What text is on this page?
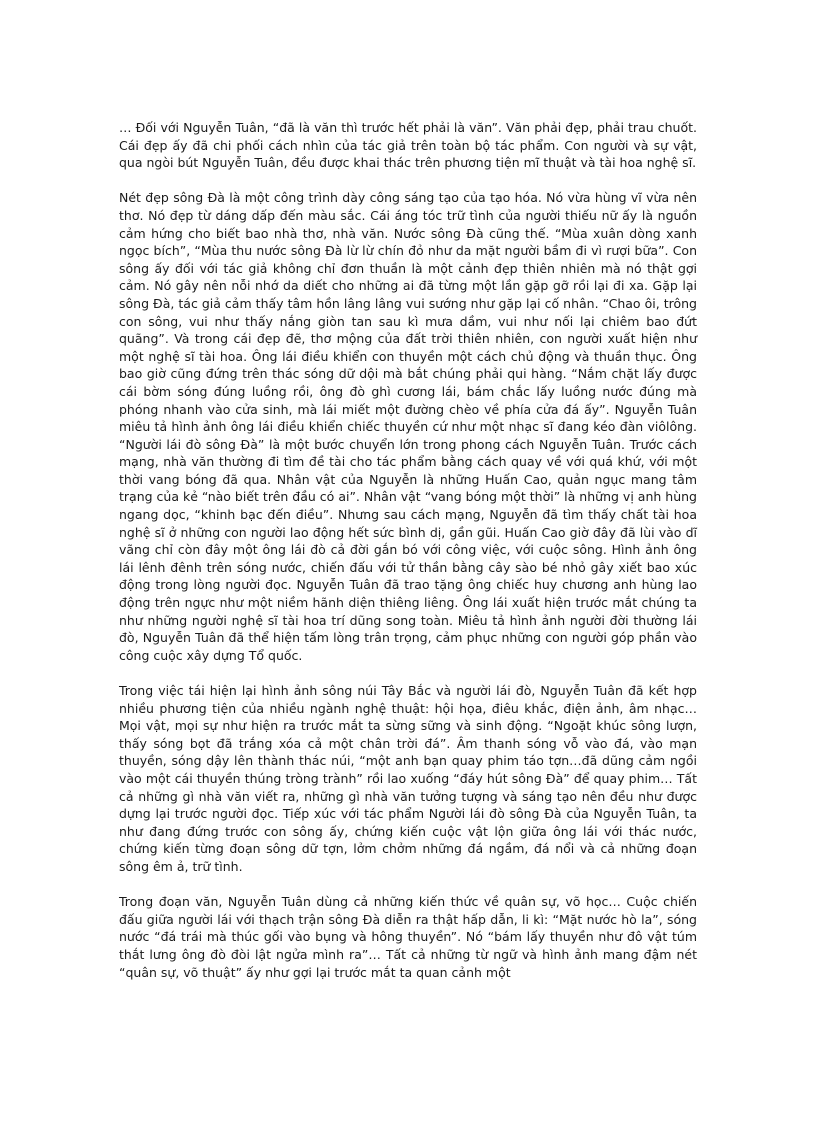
… Đối với Nguyễn Tuân, “đã là văn thì trước hết phải là văn”. Văn phải đẹp, phải trau chuốt. Cái đẹp ấy đã chi phối cách nhìn của tác giả trên toàn bộ tác phẩm. Con người và sự vật, qua ngòi bút Nguyễn Tuân, đều được khai thác trên phương tiện mĩ thuật và tài hoa nghệ sĩ.

Nét đẹp sông Đà là một công trình dày công sáng tạo của tạo hóa. Nó vừa hùng vĩ vừa nên thơ. Nó đẹp từ dáng dấp đến màu sắc. Cái áng tóc trữ tình của người thiếu nữ ấy là nguồn cảm hứng cho biết bao nhà thơ, nhà văn. Nước sông Đà cũng thế. “Mùa xuân dòng xanh ngọc bích”, “Mùa thu nước sông Đà lừ lừ chín đỏ như da mặt người bầm đi vì rượi bữa”. Con sông ấy đối với tác giả không chỉ đơn thuần là một cảnh đẹp thiên nhiên mà nó thật gợi cảm. Nó gây nên nỗi nhớ da diết cho những ai đã từng một lần gặp gỡ rồi lại đi xa. Gặp lại sông Đà, tác giả cảm thấy tâm hồn lâng lâng vui sướng như gặp lại cố nhân. “Chao ôi, trông con sông, vui như thấy nắng giòn tan sau kì mưa dầm, vui như nối lại chiêm bao đứt quãng”. Và trong cái đẹp đẽ, thơ mộng của đất trời thiên nhiên, con người xuất hiện như một nghệ sĩ tài hoa. Ông lái điều khiển con thuyền một cách chủ động và thuần thục. Ông bao giờ cũng đứng trên thác sóng dữ dội mà bắt chúng phải qui hàng. “Nắm chặt lấy được cái bờm sóng đúng luồng rồi, ông đò ghì cương lái, bám chắc lấy luồng nước đúng mà phóng nhanh vào cửa sinh, mà lái miết một đường chèo về phía cửa đá ấy”. Nguyễn Tuân miêu tả hình ảnh ông lái điều khiển chiếc thuyền cứ như một nhạc sĩ đang kéo đàn viôlông. “Người lái đò sông Đà” là một bước chuyển lớn trong phong cách Nguyễn Tuân. Trước cách mạng, nhà văn thường đi tìm đề tài cho tác phẩm bằng cách quay về với quá khứ, với một thời vang bóng đã qua. Nhân vật của Nguyễn là những Huấn Cao, quản ngục mang tâm trạng của kẻ “nào biết trên đầu có ai”. Nhân vật “vang bóng một thời” là những vị anh hùng ngang dọc, “khinh bạc đến điều”. Nhưng sau cách mạng, Nguyễn đã tìm thấy chất tài hoa nghệ sĩ ở những con người lao động hết sức bình dị, gần gũi. Huấn Cao giờ đây đã lùi vào dĩ vãng chỉ còn đây một ông lái đò cả đời gắn bó với công việc, với cuộc sông. Hình ảnh ông lái lênh đênh trên sóng nước, chiến đấu với tử thần bằng cây sào bé nhỏ gây xiết bao xúc động trong lòng người đọc. Nguyễn Tuân đã trao tặng ông chiếc huy chương anh hùng lao động trên ngực như một niềm hãnh diện thiêng liêng. Ông lái xuất hiện trước mắt chúng ta như những người nghệ sĩ tài hoa trí dũng song toàn. Miêu tả hình ảnh người đời thường lái đò, Nguyễn Tuân đã thể hiện tấm lòng trân trọng, cảm phục những con người góp phần vào công cuộc xây dựng Tổ quốc.

Trong việc tái hiện lại hình ảnh sông núi Tây Bắc và người lái đò, Nguyễn Tuân đã kết hợp nhiều phương tiện của nhiều ngành nghệ thuật: hội họa, điêu khắc, điện ảnh, âm nhạc… Mọi vật, mọi sự như hiện ra trước mắt ta sừng sững và sinh động. “Ngoặt khúc sông lượn, thấy sóng bọt đã trắng xóa cả một chân trời đá”. Âm thanh sóng vỗ vào đá, vào mạn thuyền, sóng dậy lên thành thác núi, “một anh bạn quay phim táo tợn…đã dũng cảm ngồi vào một cái thuyền thúng tròng trành” rồi lao xuống “đáy hút sông Đà” để quay phim… Tất cả những gì nhà văn viết ra, những gì nhà văn tưởng tượng và sáng tạo nên đều như được dựng lại trước người đọc. Tiếp xúc với tác phẩm Người lái đò sông Đà của Nguyễn Tuân, ta như đang đứng trước con sông ấy, chứng kiến cuộc vật lộn giữa ông lái với thác nước, chứng kiến từng đoạn sông dữ tợn, lởm chởm những đá ngầm, đá nổi và cả những đoạn sông êm ả, trữ tình.

Trong đoạn văn, Nguyễn Tuân dùng cả những kiến thức về quân sự, võ học… Cuộc chiến đấu giữa người lái với thạch trận sông Đà diễn ra thật hấp dẫn, li kì: “Mặt nước hò la”, sóng nước “đá trái mà thúc gối vào bụng và hông thuyền”. Nó “bám lấy thuyền như đô vật túm thắt lưng ông đò đòi lật ngửa mình ra”… Tất cả những từ ngữ và hình ảnh mang đậm nét “quân sự, võ thuật” ấy như gợi lại trước mắt ta quan cảnh một
